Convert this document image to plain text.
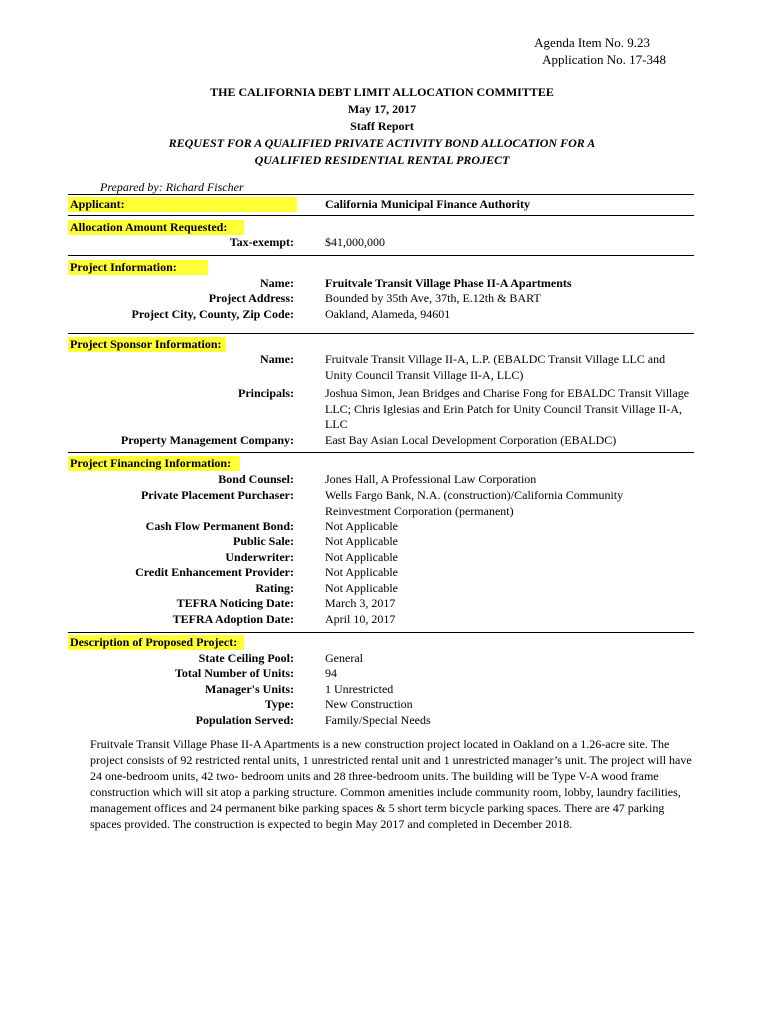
Agenda Item No. 9.23
Application No. 17-348
THE CALIFORNIA DEBT LIMIT ALLOCATION COMMITTEE
May 17, 2017
Staff Report
REQUEST FOR A QUALIFIED PRIVATE ACTIVITY BOND ALLOCATION FOR A
QUALIFIED RESIDENTIAL RENTAL PROJECT
Prepared by: Richard Fischer
Applicant:	California Municipal Finance Authority
Allocation Amount Requested:
Tax-exempt:	$41,000,000
Project Information:
Name:	Fruitvale Transit Village Phase II-A Apartments
Project Address:	Bounded by 35th Ave, 37th, E.12th & BART
Project City, County, Zip Code:	Oakland, Alameda, 94601
Project Sponsor Information:
Name:	Fruitvale Transit Village II-A, L.P. (EBALDC Transit Village LLC and Unity Council Transit Village II-A, LLC)
Principals:	Joshua Simon, Jean Bridges and Charise Fong for EBALDC Transit Village LLC; Chris Iglesias and Erin Patch for Unity Council Transit Village II-A, LLC
Property Management Company:	East Bay Asian Local Development Corporation (EBALDC)
Project Financing Information:
Bond Counsel:	Jones Hall, A Professional Law Corporation
Private Placement Purchaser:	Wells Fargo Bank, N.A. (construction)/California Community Reinvestment Corporation (permanent)
Cash Flow Permanent Bond:	Not Applicable
Public Sale:	Not Applicable
Underwriter:	Not Applicable
Credit Enhancement Provider:	Not Applicable
Rating:	Not Applicable
TEFRA Noticing Date:	March 3, 2017
TEFRA Adoption Date:	April 10, 2017
Description of Proposed Project:
State Ceiling Pool:	General
Total Number of Units:	94
Manager's Units:	1 Unrestricted
Type:	New Construction
Population Served:	Family/Special Needs
Fruitvale Transit Village Phase II-A Apartments is a new construction project located in Oakland on a 1.26-acre site. The project consists of 92 restricted rental units, 1 unrestricted rental unit and 1 unrestricted manager’s unit. The project will have 24 one-bedroom units, 42 two- bedroom units and 28 three-bedroom units. The building will be Type V-A wood frame construction which will sit atop a parking structure. Common amenities include community room, lobby, laundry facilities, management offices and 24 permanent bike parking spaces & 5 short term bicycle parking spaces. There are 47 parking spaces provided. The construction is expected to begin May 2017 and completed in December 2018.
